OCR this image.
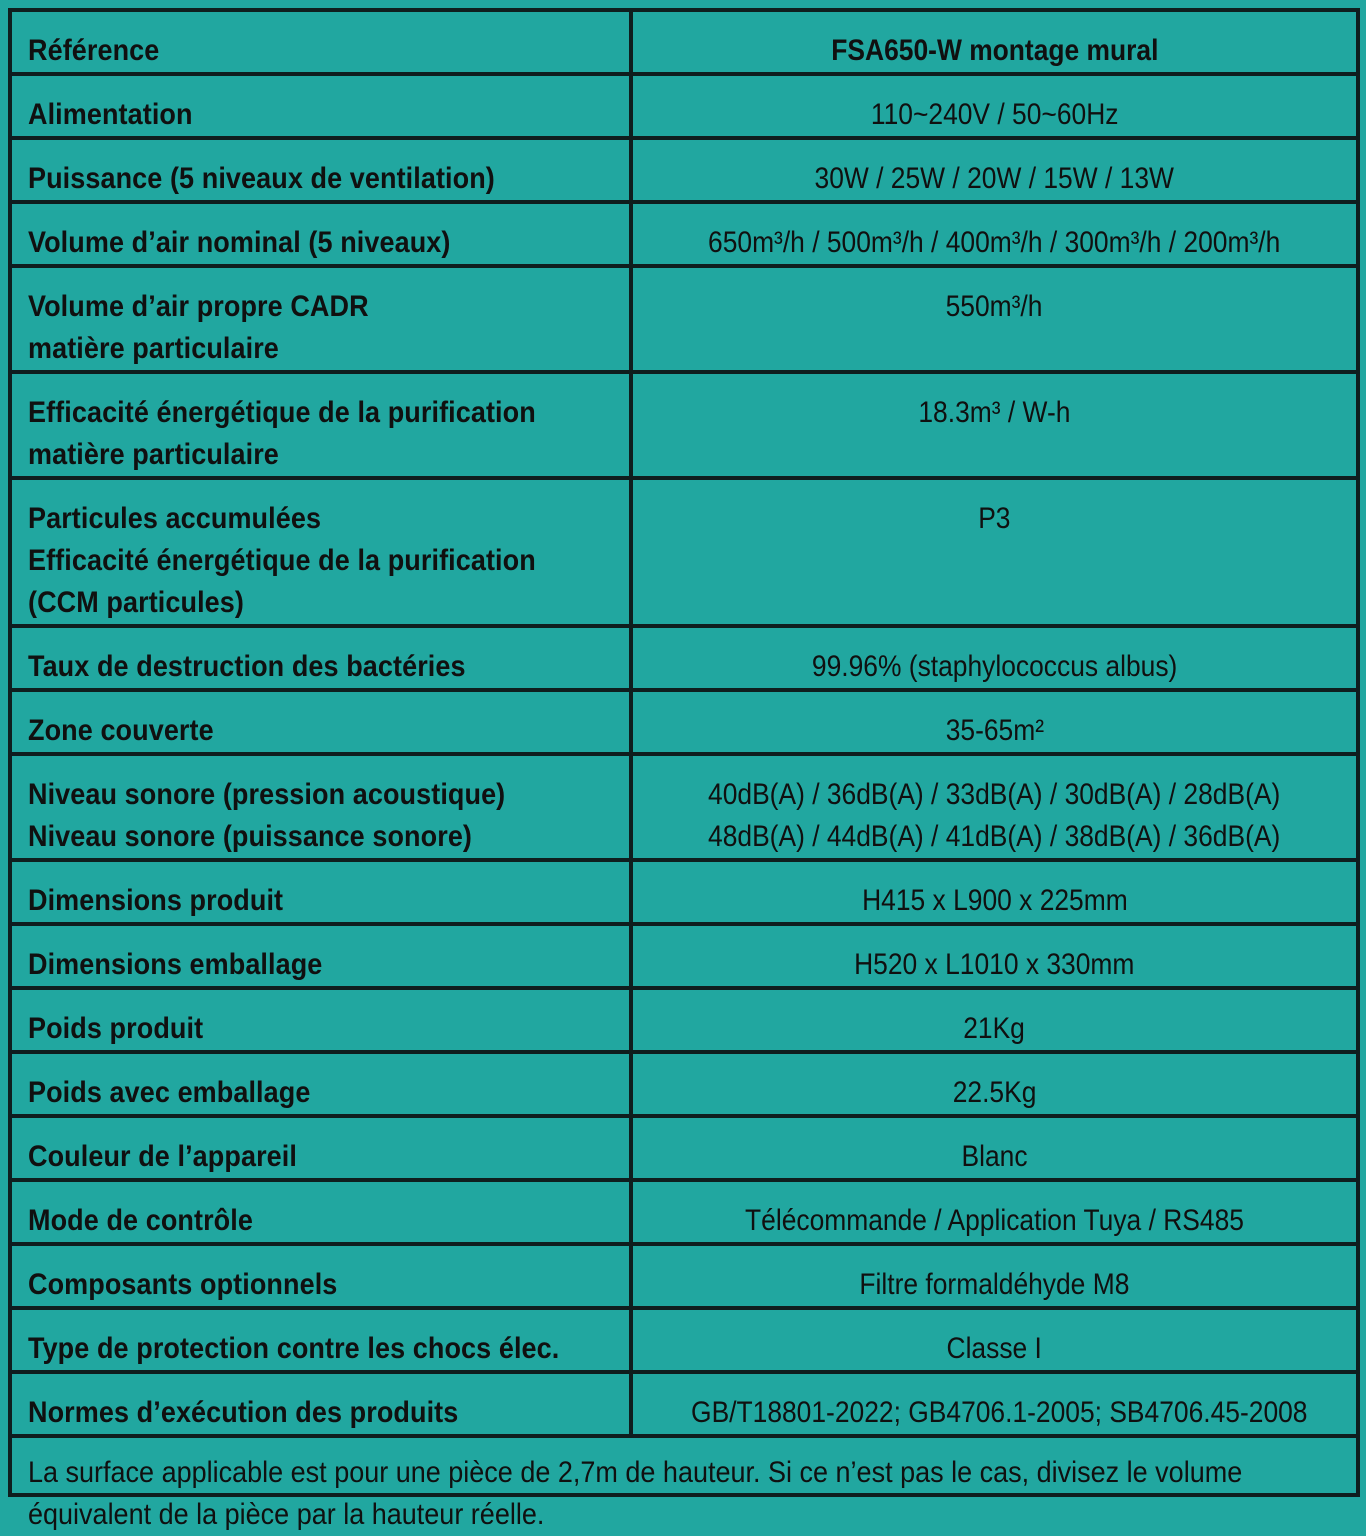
Référence	FSA650-W montage mural

Alimentation	110~240V / 50~60Hz

Puissance (5 niveaux de ventilation)	30W / 25W / 20W / 15W / 13W

Volume d’air nominal (5 niveaux)	650m³/h / 500m³/h / 400m³/h / 300m³/h / 200m³/h

Volume d’air propre CADR
matière particulaire	550m³/h

Efficacité énergétique de la purification
matière particulaire	18.3m³ / W-h

Particules accumulées
Efficacité énergétique de la purification
(CCM particules)	P3

Taux de destruction des bactéries	99.96% (staphylococcus albus)

Zone couverte	35-65m²

Niveau sonore (pression acoustique)
Niveau sonore (puissance sonore)	40dB(A) / 36dB(A) / 33dB(A) / 30dB(A) / 28dB(A)
48dB(A) / 44dB(A) / 41dB(A) / 38dB(A) / 36dB(A)

Dimensions produit	H415 x L900 x 225mm

Dimensions emballage	H520 x L1010 x 330mm

Poids produit	21Kg

Poids avec emballage	22.5Kg

Couleur de l’appareil	Blanc

Mode de contrôle	Télécommande / Application Tuya / RS485

Composants optionnels	Filtre formaldéhyde M8

Type de protection contre les chocs élec.	Classe I

Normes d’exécution des produits	GB/T18801-2022; GB4706.1-2005; SB4706.45-2008
La surface applicable est pour une pièce de 2,7m de hauteur. Si ce n’est pas le cas, divisez le volume
équivalent de la pièce par la hauteur réelle.
